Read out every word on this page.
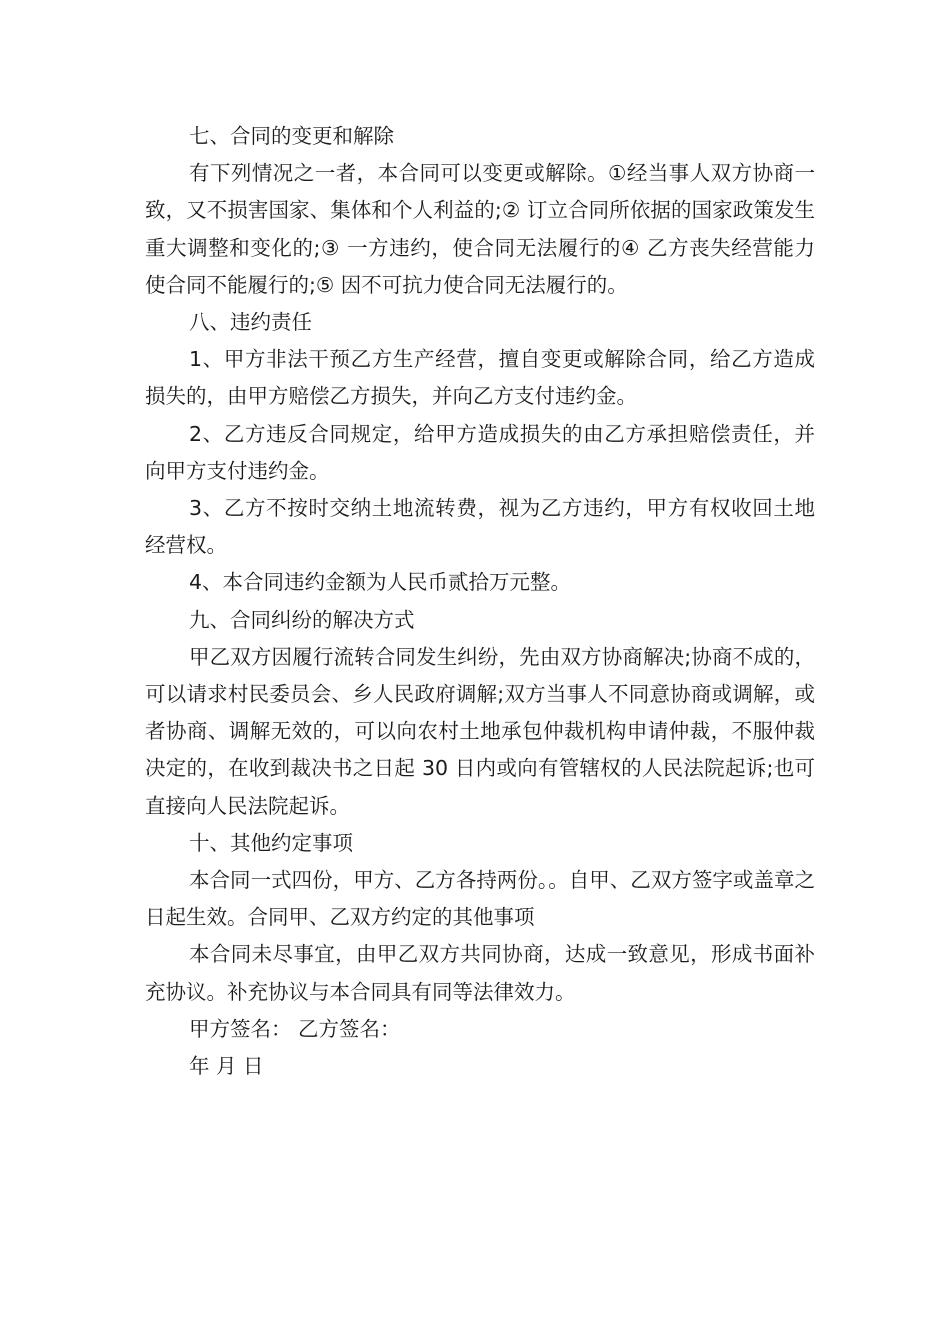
七、合同的变更和解除

有下列情况之一者，本合同可以变更或解除。①经当事人双方协商一致，又不损害国家、集体和个人利益的;② 订立合同所依据的国家政策发生重大调整和变化的;③ 一方违约，使合同无法履行的④ 乙方丧失经营能力使合同不能履行的;⑤ 因不可抗力使合同无法履行的。

八、违约责任

1、甲方非法干预乙方生产经营，擅自变更或解除合同，给乙方造成损失的，由甲方赔偿乙方损失，并向乙方支付违约金。

2、乙方违反合同规定，给甲方造成损失的由乙方承担赔偿责任，并向甲方支付违约金。

3、乙方不按时交纳土地流转费，视为乙方违约，甲方有权收回土地经营权。

4、本合同违约金额为人民币贰拾万元整。

九、合同纠纷的解决方式

甲乙双方因履行流转合同发生纠纷，先由双方协商解决;协商不成的，可以请求村民委员会、乡人民政府调解;双方当事人不同意协商或调解，或者协商、调解无效的，可以向农村土地承包仲裁机构申请仲裁，不服仲裁决定的，在收到裁决书之日起 30 日内或向有管辖权的人民法院起诉;也可直接向人民法院起诉。

十、其他约定事项

本合同一式四份，甲方、乙方各持两份。。自甲、乙双方签字或盖章之日起生效。合同甲、乙双方约定的其他事项

本合同未尽事宜，由甲乙双方共同协商，达成一致意见，形成书面补充协议。补充协议与本合同具有同等法律效力。

甲方签名： 乙方签名：

年 月 日
